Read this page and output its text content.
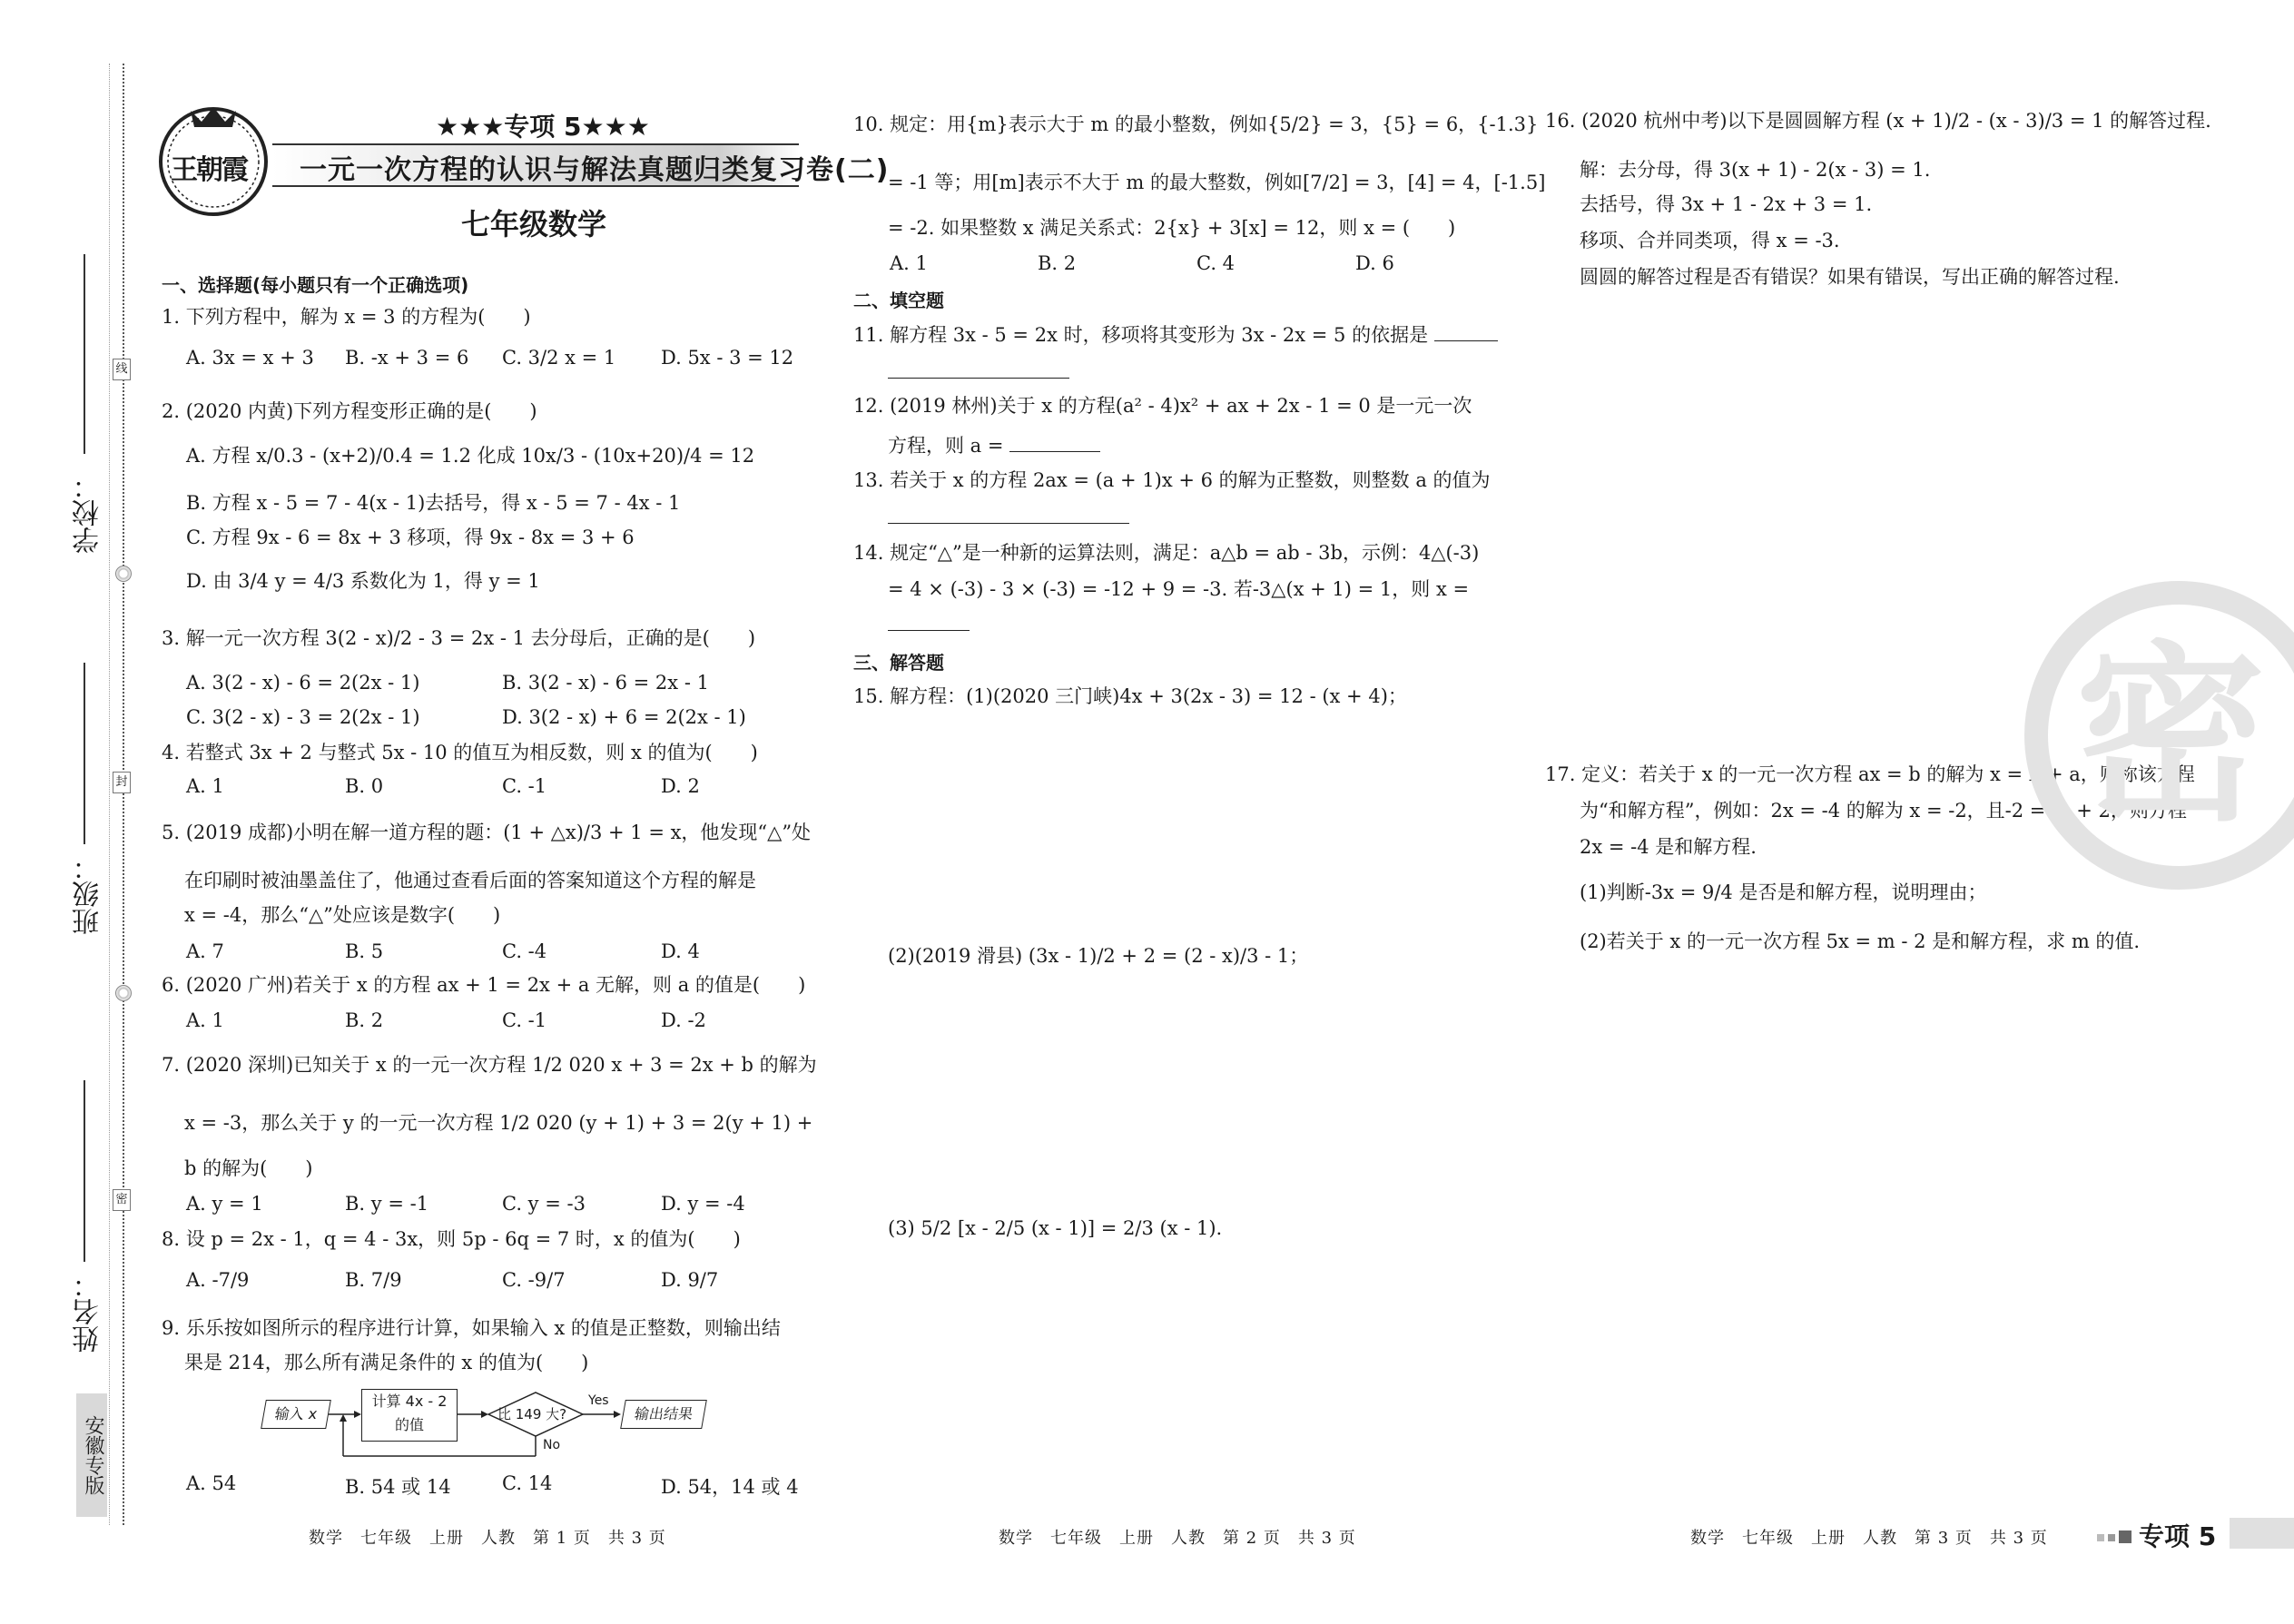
学校：
班级：
姓名：
线
封
密
安徽专版
王朝霞
★★★专项 5★★★
一元一次方程的认识与解法真题归类复习卷(二)
七年级数学
一、选择题(每小题只有一个正确选项)
1. 下列方程中，解为 x = 3 的方程为(　　)
A. 3x = x + 3 B. -x + 3 = 6 C. 3/2 x = 1 D. 5x - 3 = 12
2. (2020 内黄)下列方程变形正确的是(　　)
A. 方程 x/0.3 - (x+2)/0.4 = 1.2 化成 10x/3 - (10x+20)/4 = 12
B. 方程 x - 5 = 7 - 4(x - 1)去括号，得 x - 5 = 7 - 4x - 1
C. 方程 9x - 6 = 8x + 3 移项，得 9x - 8x = 3 + 6
D. 由 3/4 y = 4/3 系数化为 1，得 y = 1
3. 解一元一次方程 3(2 - x)/2 - 3 = 2x - 1 去分母后，正确的是(　　)
A. 3(2 - x) - 6 = 2(2x - 1)	B. 3(2 - x) - 6 = 2x - 1
C. 3(2 - x) - 3 = 2(2x - 1)	D. 3(2 - x) + 6 = 2(2x - 1)
4. 若整式 3x + 2 与整式 5x - 10 的值互为相反数，则 x 的值为(　　)
A. 1	B. 0	C. -1	D. 2
5. (2019 成都)小明在解一道方程的题：(1 + △x)/3 + 1 = x，他发现“△”处
在印刷时被油墨盖住了，他通过查看后面的答案知道这个方程的解是
x = -4，那么“△”处应该是数字(　　)
A. 7	B. 5	C. -4	D. 4
6. (2020 广州)若关于 x 的方程 ax + 1 = 2x + a 无解，则 a 的值是(　　)
A. 1	B. 2	C. -1	D. -2
7. (2020 深圳)已知关于 x 的一元一次方程 1/2 020 x + 3 = 2x + b 的解为
x = -3，那么关于 y 的一元一次方程 1/2 020 (y + 1) + 3 = 2(y + 1) +
b 的解为(　　)
A. y = 1	B. y = -1	C. y = -3	D. y = -4
8. 设 p = 2x - 1，q = 4 - 3x，则 5p - 6q = 7 时，x 的值为(　　)
A. -7/9	B. 7/9	C. -9/7	D. 9/7
9. 乐乐按如图所示的程序进行计算，如果输入 x 的值是正整数，则输出结
果是 214，那么所有满足条件的 x 的值为(　　)
输入 x
计算 4x - 2
的值
比 149 大?
Yes
No
输出结果
A. 54	B. 54 或 14	C. 14	D. 54，14 或 4
10. 规定：用{m}表示大于 m 的最小整数，例如{5/2} = 3，{5} = 6，{-1.3}
= -1 等；用[m]表示不大于 m 的最大整数，例如[7/2] = 3，[4] = 4，[-1.5]
= -2. 如果整数 x 满足关系式：2{x} + 3[x] = 12，则 x = (　　)
A. 1	B. 2	C. 4	D. 6
二、填空题
11. 解方程 3x - 5 = 2x 时，移项将其变形为 3x - 2x = 5 的依据是
12. (2019 林州)关于 x 的方程(a² - 4)x² + ax + 2x - 1 = 0 是一元一次
方程，则 a =
13. 若关于 x 的方程 2ax = (a + 1)x + 6 的解为正整数，则整数 a 的值为
14. 规定“△”是一种新的运算法则，满足：a△b = ab - 3b，示例：4△(-3)
= 4 × (-3) - 3 × (-3) = -12 + 9 = -3. 若-3△(x + 1) = 1，则 x =
三、解答题
15. 解方程：(1)(2020 三门峡)4x + 3(2x - 3) = 12 - (x + 4)；
(2)(2019 滑县) (3x - 1)/2 + 2 = (2 - x)/3 - 1；
(3) 5/2 [x - 2/5 (x - 1)] = 2/3 (x - 1).
16. (2020 杭州中考)以下是圆圆解方程 (x + 1)/2 - (x - 3)/3 = 1 的解答过程.
解：去分母，得 3(x + 1) - 2(x - 3) = 1.
去括号，得 3x + 1 - 2x + 3 = 1.
移项、合并同类项，得 x = -3.
圆圆的解答过程是否有错误？如果有错误，写出正确的解答过程.
17. 定义：若关于 x 的一元一次方程 ax = b 的解为 x = b + a，则称该方程
为“和解方程”，例如：2x = -4 的解为 x = -2，且-2 = -4 + 2，则方程
2x = -4 是和解方程.
(1)判断-3x = 9/4 是否是和解方程，说明理由；
(2)若关于 x 的一元一次方程 5x = m - 2 是和解方程，求 m 的值.
密
数学　七年级　上册　人教　第 1 页　共 3 页	数学　七年级　上册　人教　第 2 页　共 3 页	数学　七年级　上册　人教　第 3 页　共 3 页	专项 5
